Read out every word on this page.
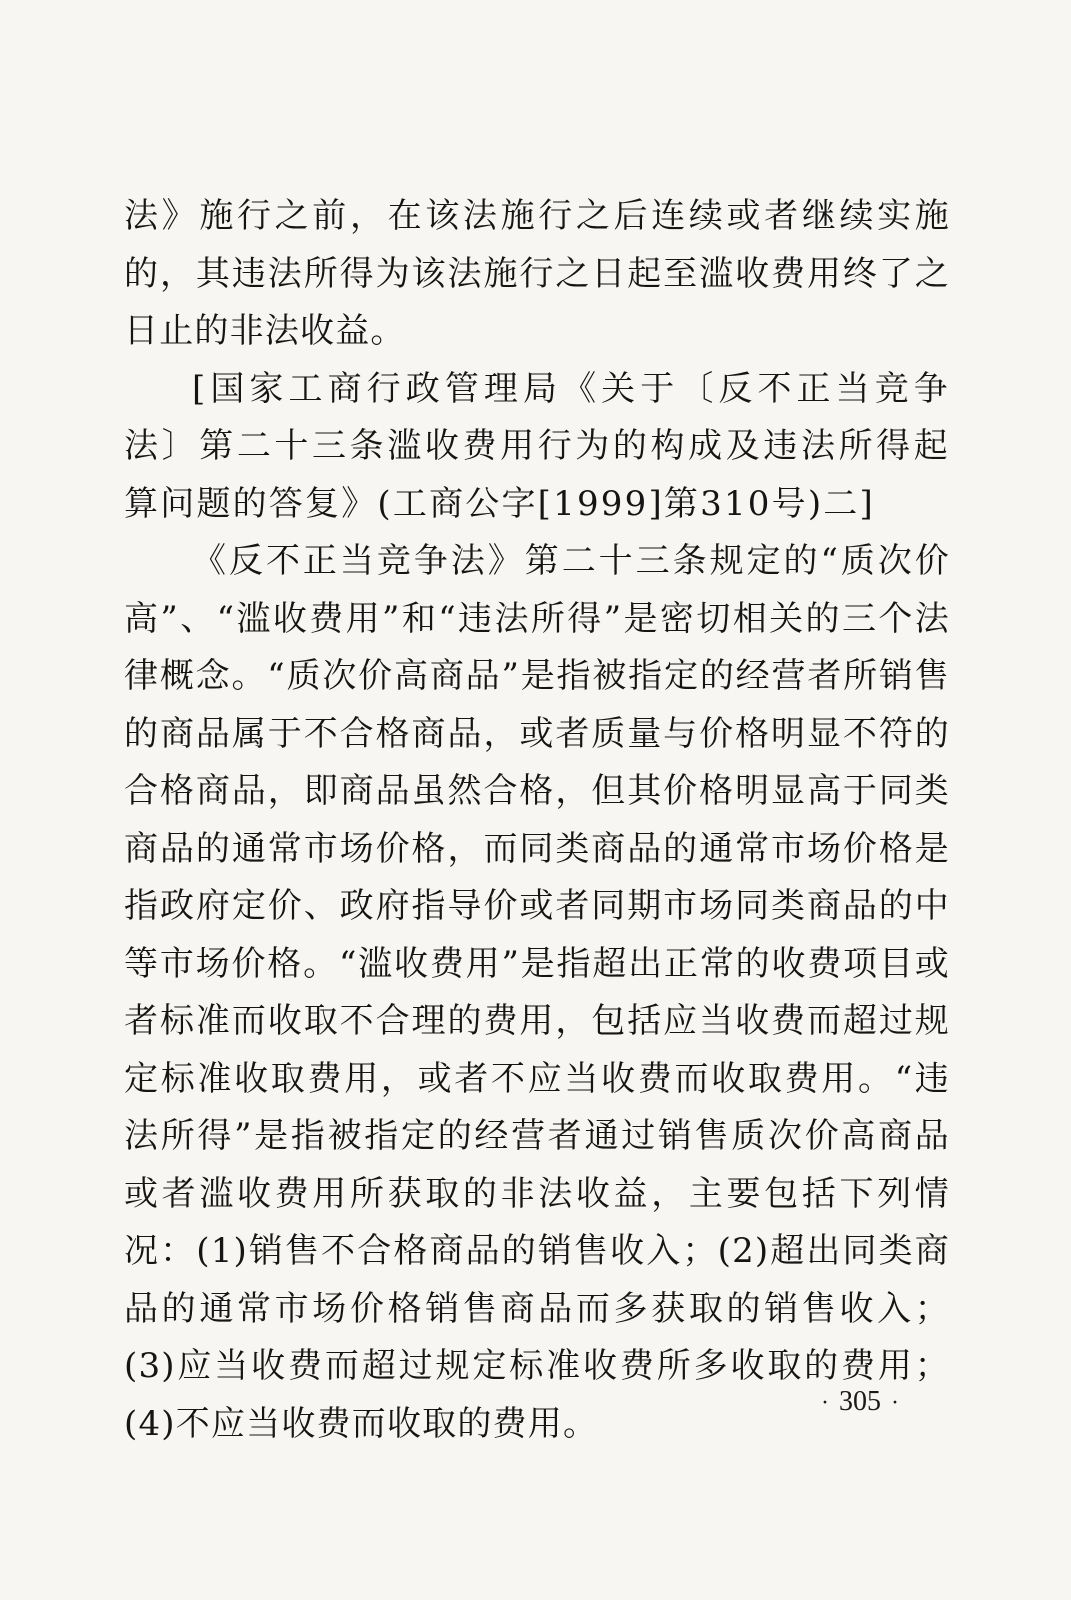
法》施行之前，在该法施行之后连续或者继续实施的，其违法所得为该法施行之日起至滥收费用终了之日止的非法收益。

[国家工商行政管理局《关于〔反不正当竞争法〕第二十三条滥收费用行为的构成及违法所得起算问题的答复》(工商公字[1999]第310号)二]

《反不正当竞争法》第二十三条规定的“质次价高”、“滥收费用”和“违法所得”是密切相关的三个法律概念。“质次价高商品”是指被指定的经营者所销售的商品属于不合格商品，或者质量与价格明显不符的合格商品，即商品虽然合格，但其价格明显高于同类商品的通常市场价格，而同类商品的通常市场价格是指政府定价、政府指导价或者同期市场同类商品的中等市场价格。“滥收费用”是指超出正常的收费项目或者标准而收取不合理的费用，包括应当收费而超过规定标准收取费用，或者不应当收费而收取费用。“违法所得”是指被指定的经营者通过销售质次价高商品或者滥收费用所获取的非法收益，主要包括下列情况：(1)销售不合格商品的销售收入；(2)超出同类商品的通常市场价格销售商品而多获取的销售收入；(3)应当收费而超过规定标准收费所多收取的费用；(4)不应当收费而收取的费用。

· 305 ·
